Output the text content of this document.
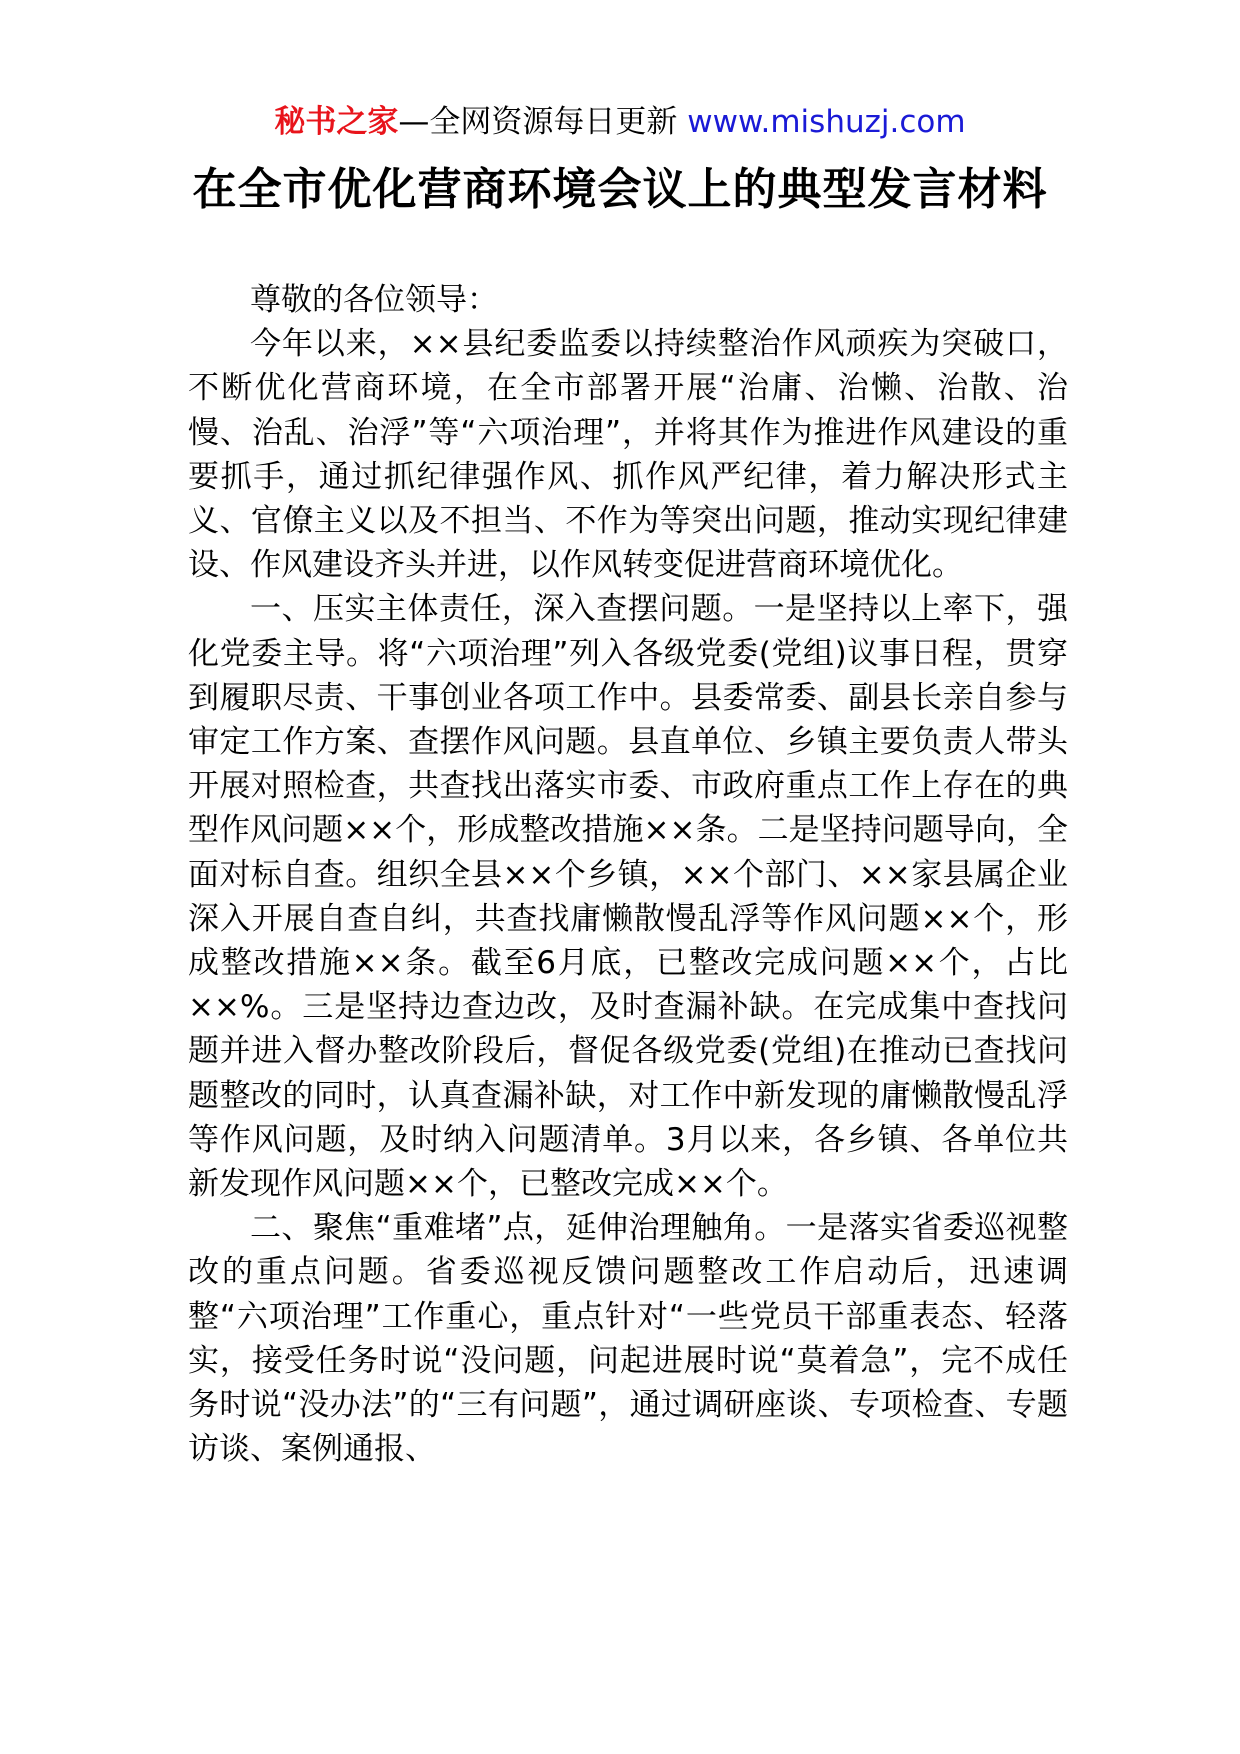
秘书之家—全网资源每日更新 www.mishuzj.com
在全市优化营商环境会议上的典型发言材料

尊敬的各位领导：

今年以来，××县纪委监委以持续整治作风顽疾为突破口，不断优化营商环境，在全市部署开展“治庸、治懒、治散、治慢、治乱、治浮”等“六项治理”，并将其作为推进作风建设的重要抓手，通过抓纪律强作风、抓作风严纪律，着力解决形式主义、官僚主义以及不担当、不作为等突出问题，推动实现纪律建设、作风建设齐头并进，以作风转变促进营商环境优化。

一、压实主体责任，深入查摆问题。一是坚持以上率下，强化党委主导。将“六项治理”列入各级党委(党组)议事日程，贯穿到履职尽责、干事创业各项工作中。县委常委、副县长亲自参与审定工作方案、查摆作风问题。县直单位、乡镇主要负责人带头开展对照检查，共查找出落实市委、市政府重点工作上存在的典型作风问题××个，形成整改措施××条。二是坚持问题导向，全面对标自查。组织全县××个乡镇，××个部门、××家县属企业深入开展自查自纠，共查找庸懒散慢乱浮等作风问题××个，形成整改措施××条。截至6月底，已整改完成问题××个，占比××%。三是坚持边查边改，及时查漏补缺。在完成集中查找问题并进入督办整改阶段后，督促各级党委(党组)在推动已查找问题整改的同时，认真查漏补缺，对工作中新发现的庸懒散慢乱浮等作风问题，及时纳入问题清单。3月以来，各乡镇、各单位共新发现作风问题××个，已整改完成××个。

二、聚焦“重难堵”点，延伸治理触角。一是落实省委巡视整改的重点问题。省委巡视反馈问题整改工作启动后，迅速调整“六项治理”工作重心，重点针对“一些党员干部重表态、轻落实，接受任务时说“没问题，问起进展时说“莫着急”，完不成任务时说“没办法”的“三有问题”，通过调研座谈、专项检查、专题访谈、案例通报、
